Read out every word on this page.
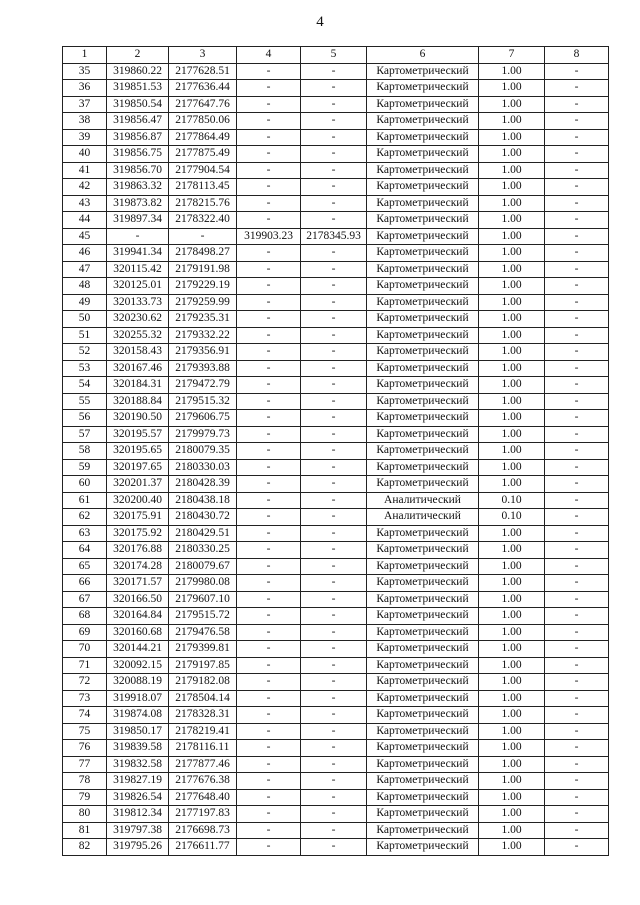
4
1	2	3	4	5	6	7	8
35	319860.22	2177628.51	-	-	Картометрический	1.00	-
36	319851.53	2177636.44	-	-	Картометрический	1.00	-
37	319850.54	2177647.76	-	-	Картометрический	1.00	-
38	319856.47	2177850.06	-	-	Картометрический	1.00	-
39	319856.87	2177864.49	-	-	Картометрический	1.00	-
40	319856.75	2177875.49	-	-	Картометрический	1.00	-
41	319856.70	2177904.54	-	-	Картометрический	1.00	-
42	319863.32	2178113.45	-	-	Картометрический	1.00	-
43	319873.82	2178215.76	-	-	Картометрический	1.00	-
44	319897.34	2178322.40	-	-	Картометрический	1.00	-
45	-	-	319903.23	2178345.93	Картометрический	1.00	-
46	319941.34	2178498.27	-	-	Картометрический	1.00	-
47	320115.42	2179191.98	-	-	Картометрический	1.00	-
48	320125.01	2179229.19	-	-	Картометрический	1.00	-
49	320133.73	2179259.99	-	-	Картометрический	1.00	-
50	320230.62	2179235.31	-	-	Картометрический	1.00	-
51	320255.32	2179332.22	-	-	Картометрический	1.00	-
52	320158.43	2179356.91	-	-	Картометрический	1.00	-
53	320167.46	2179393.88	-	-	Картометрический	1.00	-
54	320184.31	2179472.79	-	-	Картометрический	1.00	-
55	320188.84	2179515.32	-	-	Картометрический	1.00	-
56	320190.50	2179606.75	-	-	Картометрический	1.00	-
57	320195.57	2179979.73	-	-	Картометрический	1.00	-
58	320195.65	2180079.35	-	-	Картометрический	1.00	-
59	320197.65	2180330.03	-	-	Картометрический	1.00	-
60	320201.37	2180428.39	-	-	Картометрический	1.00	-
61	320200.40	2180438.18	-	-	Аналитический	0.10	-
62	320175.91	2180430.72	-	-	Аналитический	0.10	-
63	320175.92	2180429.51	-	-	Картометрический	1.00	-
64	320176.88	2180330.25	-	-	Картометрический	1.00	-
65	320174.28	2180079.67	-	-	Картометрический	1.00	-
66	320171.57	2179980.08	-	-	Картометрический	1.00	-
67	320166.50	2179607.10	-	-	Картометрический	1.00	-
68	320164.84	2179515.72	-	-	Картометрический	1.00	-
69	320160.68	2179476.58	-	-	Картометрический	1.00	-
70	320144.21	2179399.81	-	-	Картометрический	1.00	-
71	320092.15	2179197.85	-	-	Картометрический	1.00	-
72	320088.19	2179182.08	-	-	Картометрический	1.00	-
73	319918.07	2178504.14	-	-	Картометрический	1.00	-
74	319874.08	2178328.31	-	-	Картометрический	1.00	-
75	319850.17	2178219.41	-	-	Картометрический	1.00	-
76	319839.58	2178116.11	-	-	Картометрический	1.00	-
77	319832.58	2177877.46	-	-	Картометрический	1.00	-
78	319827.19	2177676.38	-	-	Картометрический	1.00	-
79	319826.54	2177648.40	-	-	Картометрический	1.00	-
80	319812.34	2177197.83	-	-	Картометрический	1.00	-
81	319797.38	2176698.73	-	-	Картометрический	1.00	-
82	319795.26	2176611.77	-	-	Картометрический	1.00	-
